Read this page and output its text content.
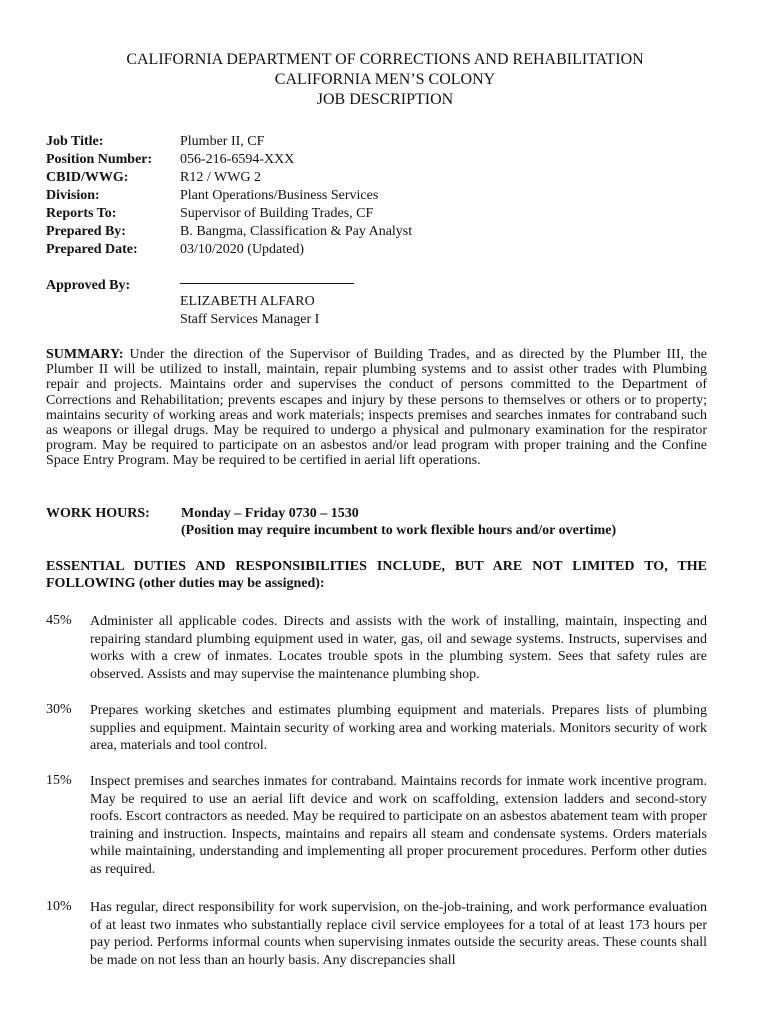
CALIFORNIA DEPARTMENT OF CORRECTIONS AND REHABILITATION
CALIFORNIA MEN’S COLONY
JOB DESCRIPTION
Job Title:	Plumber II, CF
Position Number: 056-216-6594-XXX
CBID/WWG:	R12 / WWG 2
Division:	Plant Operations/Business Services
Reports To:	Supervisor of Building Trades, CF
Prepared By:	B. Bangma, Classification & Pay Analyst
Prepared Date:	03/10/2020 (Updated)
Approved By:
ELIZABETH ALFARO
Staff Services Manager I
SUMMARY: Under the direction of the Supervisor of Building Trades, and as directed by the Plumber III, the Plumber II will be utilized to install, maintain, repair plumbing systems and to assist other trades with Plumbing repair and projects. Maintains order and supervises the conduct of persons committed to the Department of Corrections and Rehabilitation; prevents escapes and injury by these persons to themselves or others or to property; maintains security of working areas and work materials; inspects premises and searches inmates for contraband such as weapons or illegal drugs. May be required to undergo a physical and pulmonary examination for the respirator program. May be required to participate on an asbestos and/or lead program with proper training and the Confine Space Entry Program. May be required to be certified in aerial lift operations.
WORK HOURS: Monday – Friday 0730 – 1530
(Position may require incumbent to work flexible hours and/or overtime)
ESSENTIAL DUTIES AND RESPONSIBILITIES INCLUDE, BUT ARE NOT LIMITED TO, THE FOLLOWING (other duties may be assigned):
45% Administer all applicable codes. Directs and assists with the work of installing, maintain, inspecting and repairing standard plumbing equipment used in water, gas, oil and sewage systems. Instructs, supervises and works with a crew of inmates. Locates trouble spots in the plumbing system. Sees that safety rules are observed. Assists and may supervise the maintenance plumbing shop.
30% Prepares working sketches and estimates plumbing equipment and materials. Prepares lists of plumbing supplies and equipment. Maintain security of working area and working materials. Monitors security of work area, materials and tool control.
15% Inspect premises and searches inmates for contraband. Maintains records for inmate work incentive program. May be required to use an aerial lift device and work on scaffolding, extension ladders and second-story roofs. Escort contractors as needed. May be required to participate on an asbestos abatement team with proper training and instruction. Inspects, maintains and repairs all steam and condensate systems. Orders materials while maintaining, understanding and implementing all proper procurement procedures. Perform other duties as required.
10% Has regular, direct responsibility for work supervision, on the-job-training, and work performance evaluation of at least two inmates who substantially replace civil service employees for a total of at least 173 hours per pay period. Performs informal counts when supervising inmates outside the security areas. These counts shall be made on not less than an hourly basis. Any discrepancies shall
